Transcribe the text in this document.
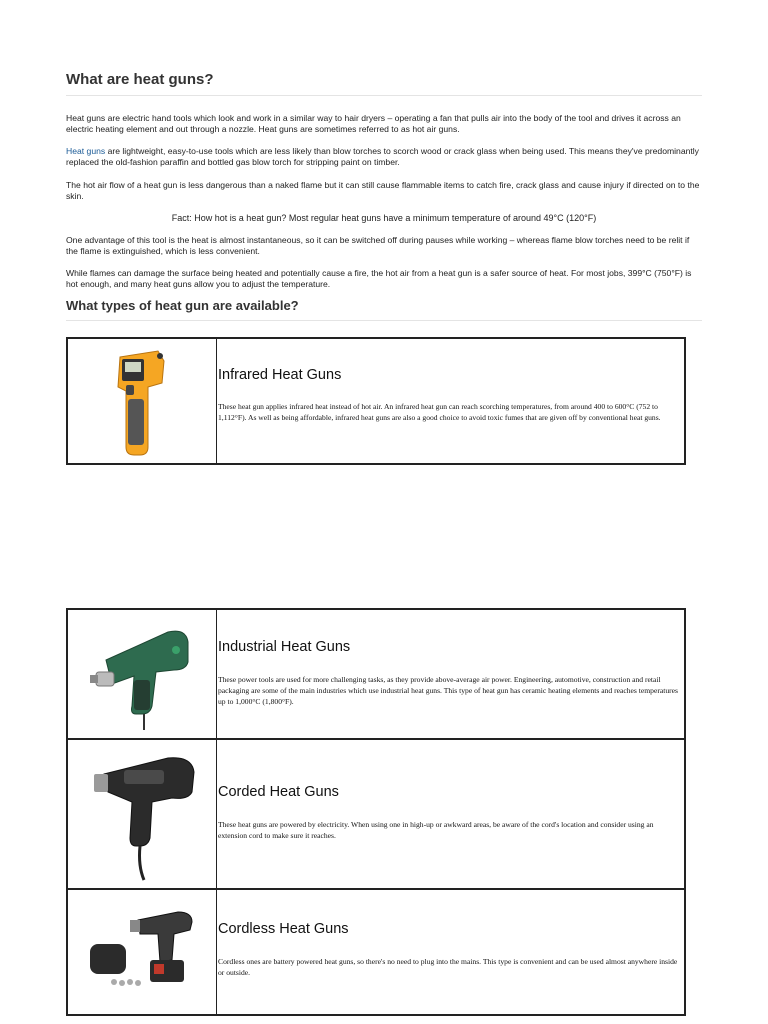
What are heat guns?

Heat guns are electric hand tools which look and work in a similar way to hair dryers – operating a fan that pulls air into the body of the tool and drives it across an electric heating element and out through a nozzle. Heat guns are sometimes referred to as hot air guns.

Heat guns are lightweight, easy-to-use tools which are less likely than blow torches to scorch wood or crack glass when being used. This means they've predominantly replaced the old-fashion paraffin and bottled gas blow torch for stripping paint on timber.

The hot air flow of a heat gun is less dangerous than a naked flame but it can still cause flammable items to catch fire, crack glass and cause injury if directed on to the skin.

Fact: How hot is a heat gun? Most regular heat guns have a minimum temperature of around 49°C (120°F)

One advantage of this tool is the heat is almost instantaneous, so it can be switched off during pauses while working – whereas flame blow torches need to be relit if the flame is extinguished, which is less convenient.

While flames can damage the surface being heated and potentially cause a fire, the hot air from a heat gun is a safer source of heat. For most jobs, 399°C (750°F) is hot enough, and many heat guns allow you to adjust the temperature.

What types of heat gun are available?
Infrared Heat Guns

These heat gun applies infrared heat instead of hot air. An infrared heat gun can reach scorching temperatures, from around 400 to 600°C (752 to 1,112°F). As well as being affordable, infrared heat guns are also a good choice to avoid toxic fumes that are given off by conventional heat guns.

Industrial Heat Guns

These power tools are used for more challenging tasks, as they provide above-average air power. Engineering, automotive, construction and retail packaging are some of the main industries which use industrial heat guns. This type of heat gun has ceramic heating elements and reaches temperatures up to 1,000°C (1,800°F).

Corded Heat Guns

These heat guns are powered by electricity. When using one in high-up or awkward areas, be aware of the cord's location and consider using an extension cord to make sure it reaches.

Cordless Heat Guns

Cordless ones are battery powered heat guns, so there's no need to plug into the mains. This type is convenient and can be used almost anywhere inside or outside.
